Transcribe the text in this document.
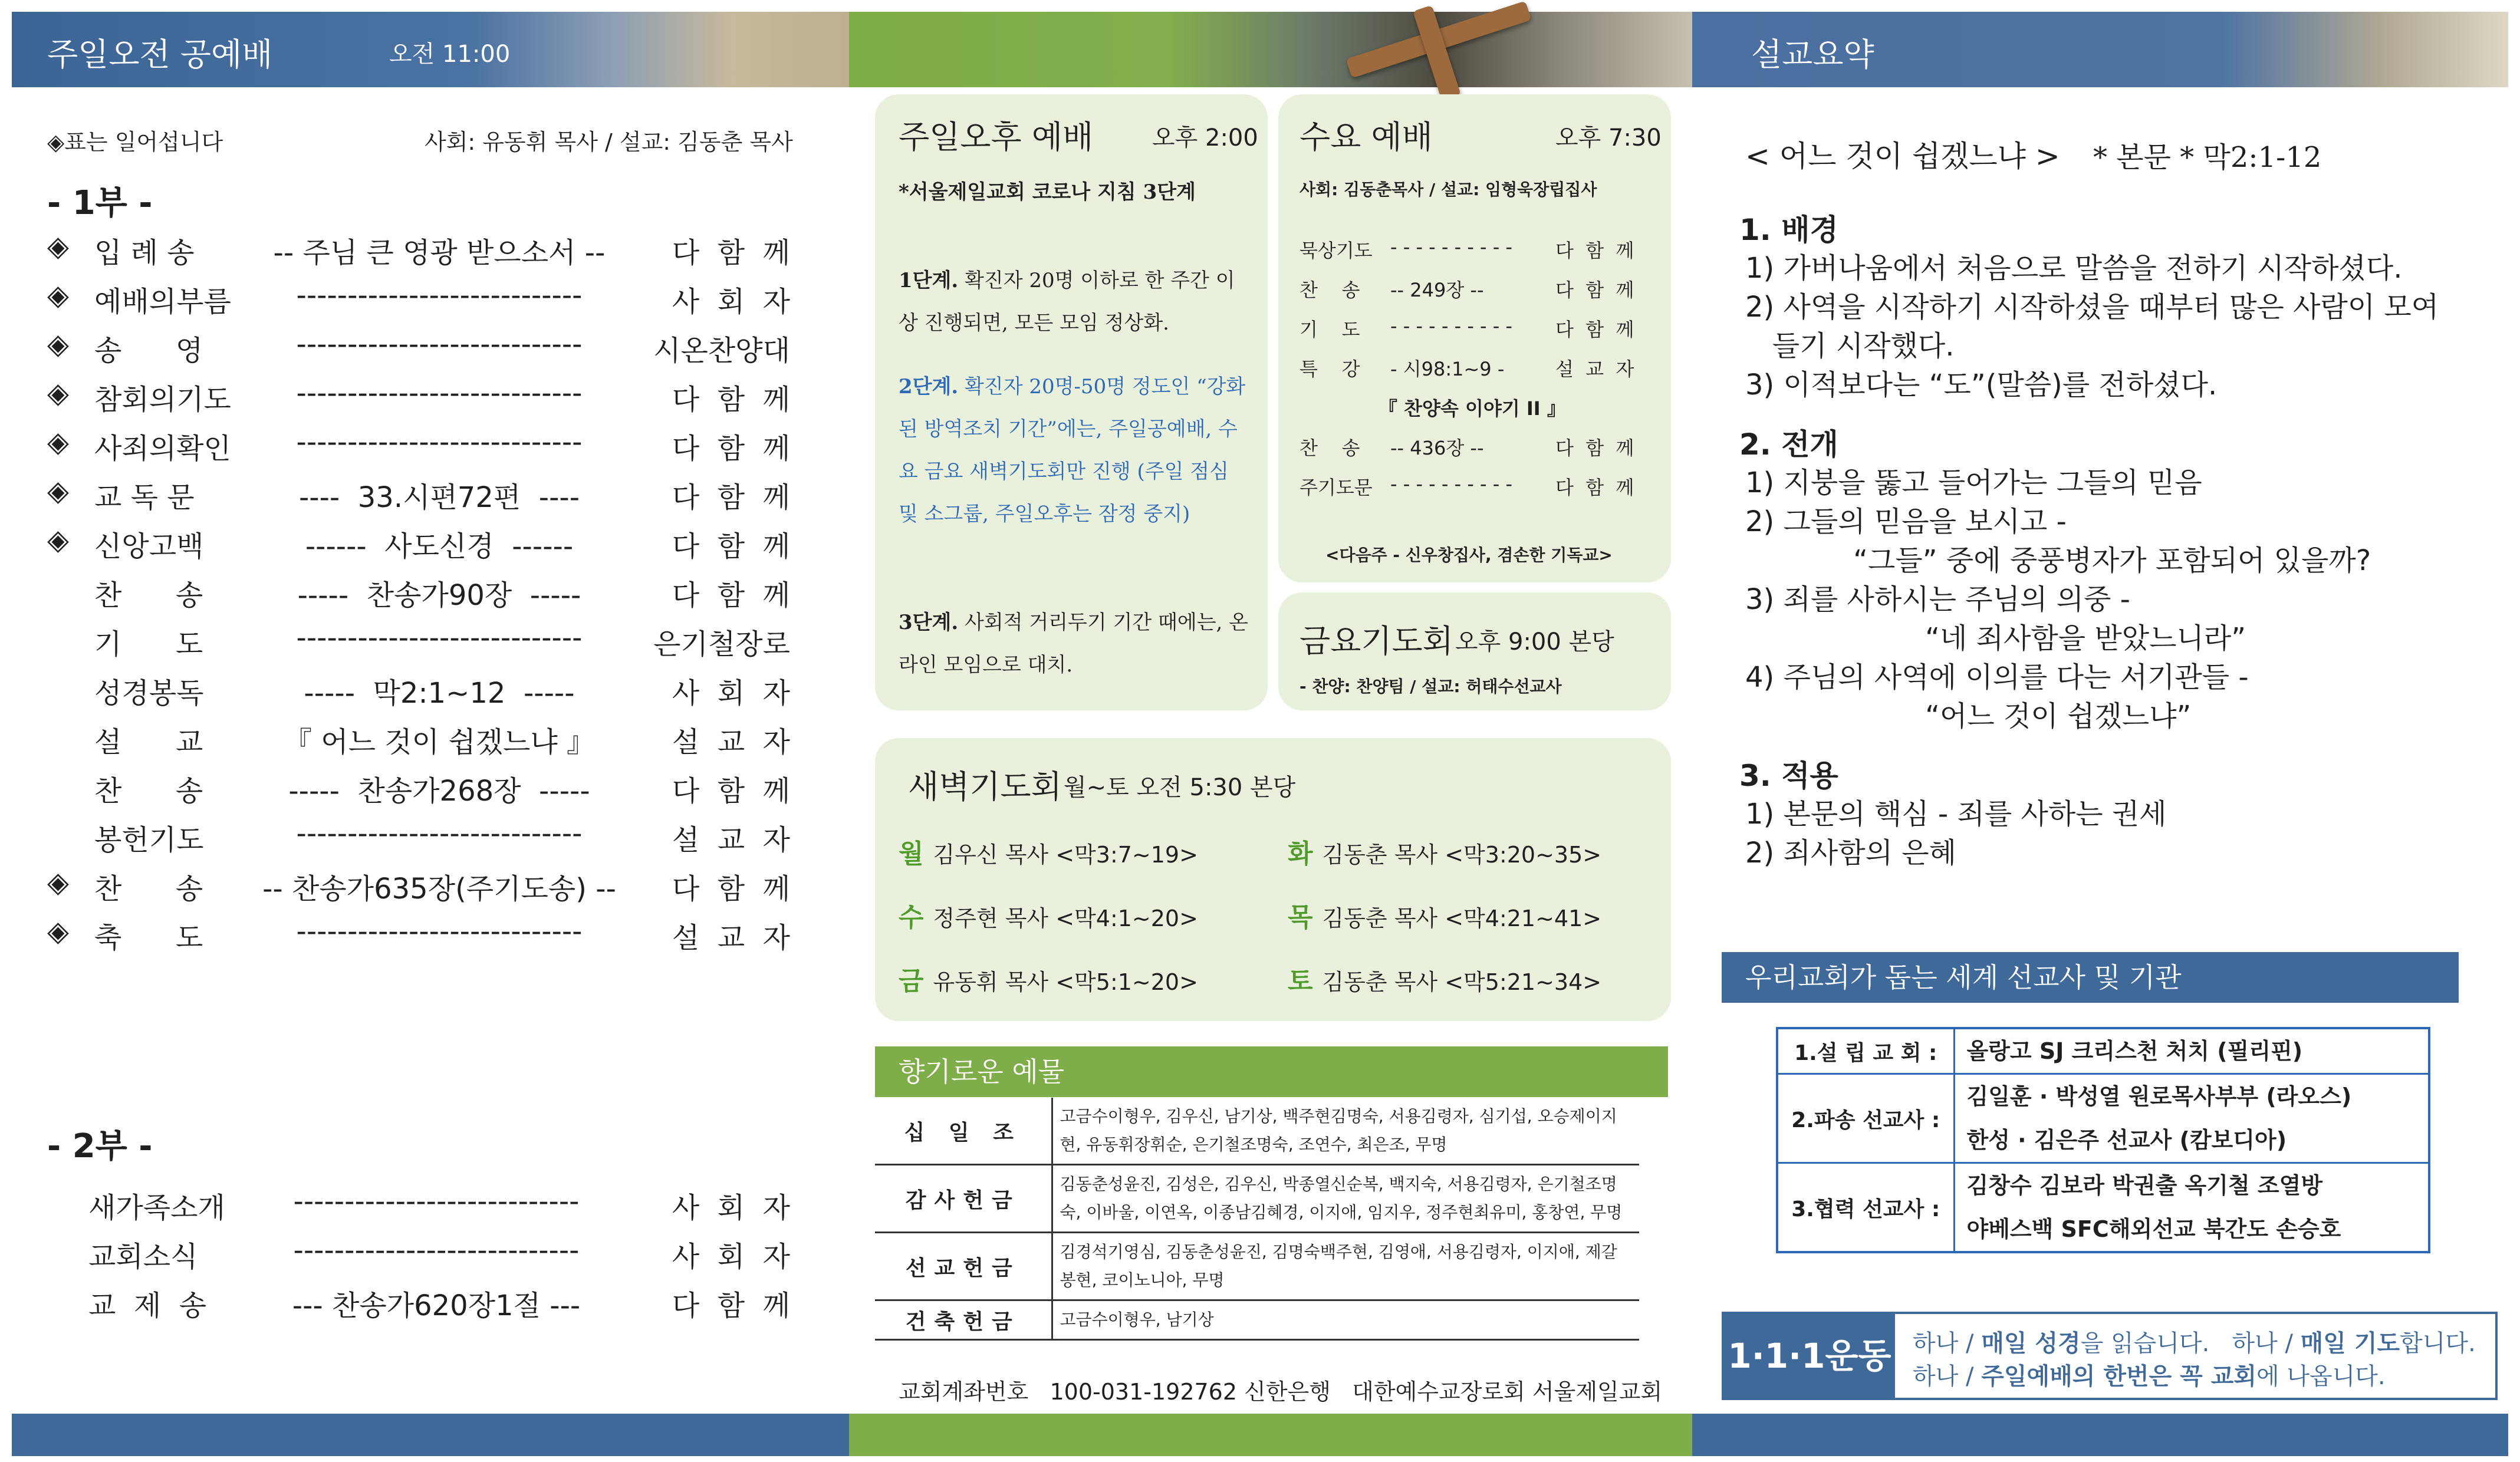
주일오전 공예배	오전 11:00	설교요약
◈표는 일어섭니다	사회: 유동휘 목사 / 설교: 김동춘 목사
- 1부 -
◈ 입 례 송	-- 주님 큰 영광 받으소서 --	다  함  께
◈ 예배의부름	----------------------------	사  회  자
◈ 송      영	----------------------------	시온찬양대
◈ 참회의기도	----------------------------	다  함  께
◈ 사죄의확인	----------------------------	다  함  께
◈ 교 독 문	----  33.시편72편  ----	다  함  께
◈ 신앙고백	------  사도신경  ------	다  함  께
찬      송	-----  찬송가90장  -----	다  함  께
기      도	----------------------------	은기철장로
성경봉독	-----  막2:1~12  -----	사  회  자
설      교	『 어느 것이 쉽겠느냐 』	설  교  자
찬      송	-----  찬송가268장  -----	다  함  께
봉헌기도	----------------------------	설  교  자
◈ 찬      송	-- 찬송가635장(주기도송) --	다  함  께
◈ 축      도	----------------------------	설  교  자
- 2부 -
새가족소개	----------------------------	사  회  자
교회소식	----------------------------	사  회  자
교  제  송	--- 찬송가620장1절 ---	다  함  께
주일오후 예배 오후 2:00
*서울제일교회 코로나 지침 3단계
1단계. 확진자 20명 이하로 한 주간 이상 진행되면, 모든 모임 정상화.
2단계. 확진자 20명-50명 정도인 “강화된 방역조치 기간”에는, 주일공예배, 수요 금요 새벽기도회만 진행 (주일 점심 및 소그룹, 주일오후는 잠정 중지)
3단계. 사회적 거리두기 기간 때에는, 온라인 모임으로 대치.
수요 예배	오후 7:30
사회: 김동춘목사 / 설교: 임형욱장립집사
묵상기도 - - - - - - - - - - 다  함  께
찬    송 -- 249장 --	다  함  께
기    도 - - - - - - - - - - 다  함  께
특    강 - 시98:1~9 -	설  교  자
『 찬양속 이야기 II 』
찬    송 -- 436장 --	다  함  께
주기도문 - - - - - - - - - - 다  함  께
<다음주 - 신우창집사, 겸손한 기독교>
금요기도회 오후 9:00 본당
- 찬양: 찬양팀 / 설교: 허태수선교사
새벽기도회 월~토 오전 5:30 본당
월 김우신 목사 <막3:7~19>	화 김동춘 목사 <막3:20~35>
수 정주현 목사 <막4:1~20>	목 김동춘 목사 <막4:21~41>
금 유동휘 목사 <막5:1~20>	토 김동춘 목사 <막5:21~34>
향기로운 예물
십 일 조	고금수이형우, 김우신, 남기상, 백주현김명숙, 서용김령자, 심기섭, 오승제이지현, 유동휘장휘순, 은기철조명숙, 조연수, 최은조, 무명
감사헌금	김동춘성윤진, 김성은, 김우신, 박종열신순복, 백지숙, 서용김령자, 은기철조명숙, 이바울, 이연옥, 이종남김혜경, 이지애, 임지우, 정주현최유미, 홍창연, 무명
선교헌금	김경석기영심, 김동춘성윤진, 김명숙백주현, 김영애, 서용김령자, 이지애, 제갈봉현, 코이노니아, 무명
건축헌금	고금수이형우, 남기상
교회계좌번호   100-031-192762 신한은행   대한예수교장로회 서울제일교회
< 어느 것이 쉽겠느냐 > * 본문 * 막2:1-12
1. 배경
1) 가버나움에서 처음으로 말씀을 전하기 시작하셨다.
2) 사역을 시작하기 시작하셨을 때부터 많은 사람이 모여
들기 시작했다.
3) 이적보다는 “도”(말씀)를 전하셨다.
2. 전개
1) 지붕을 뚫고 들어가는 그들의 믿음
2) 그들의 믿음을 보시고 -
“그들” 중에 중풍병자가 포함되어 있을까?
3) 죄를 사하시는 주님의 의중 -
“네 죄사함을 받았느니라”
4) 주님의 사역에 이의를 다는 서기관들 -
“어느 것이 쉽겠느냐”
3. 적용
1) 본문의 핵심 - 죄를 사하는 권세
2) 죄사함의 은혜
우리교회가 돕는 세계 선교사 및 기관
1.설 립 교 회 :	올랑고 SJ 크리스천 처치 (필리핀)

2.파송 선교사 :	김일훈 · 박성열 원로목사부부 (라오스)
한성 · 김은주 선교사 (캄보디아)

3.협력 선교사 :	김창수 김보라 박권출 옥기철 조열방
야베스백 SFC해외선교 북간도 손승호
1·1·1운동 하나 / 매일 성경을 읽습니다.   하나 / 매일 기도합니다.
하나 / 주일예배의 한번은 꼭 교회에 나옵니다.
